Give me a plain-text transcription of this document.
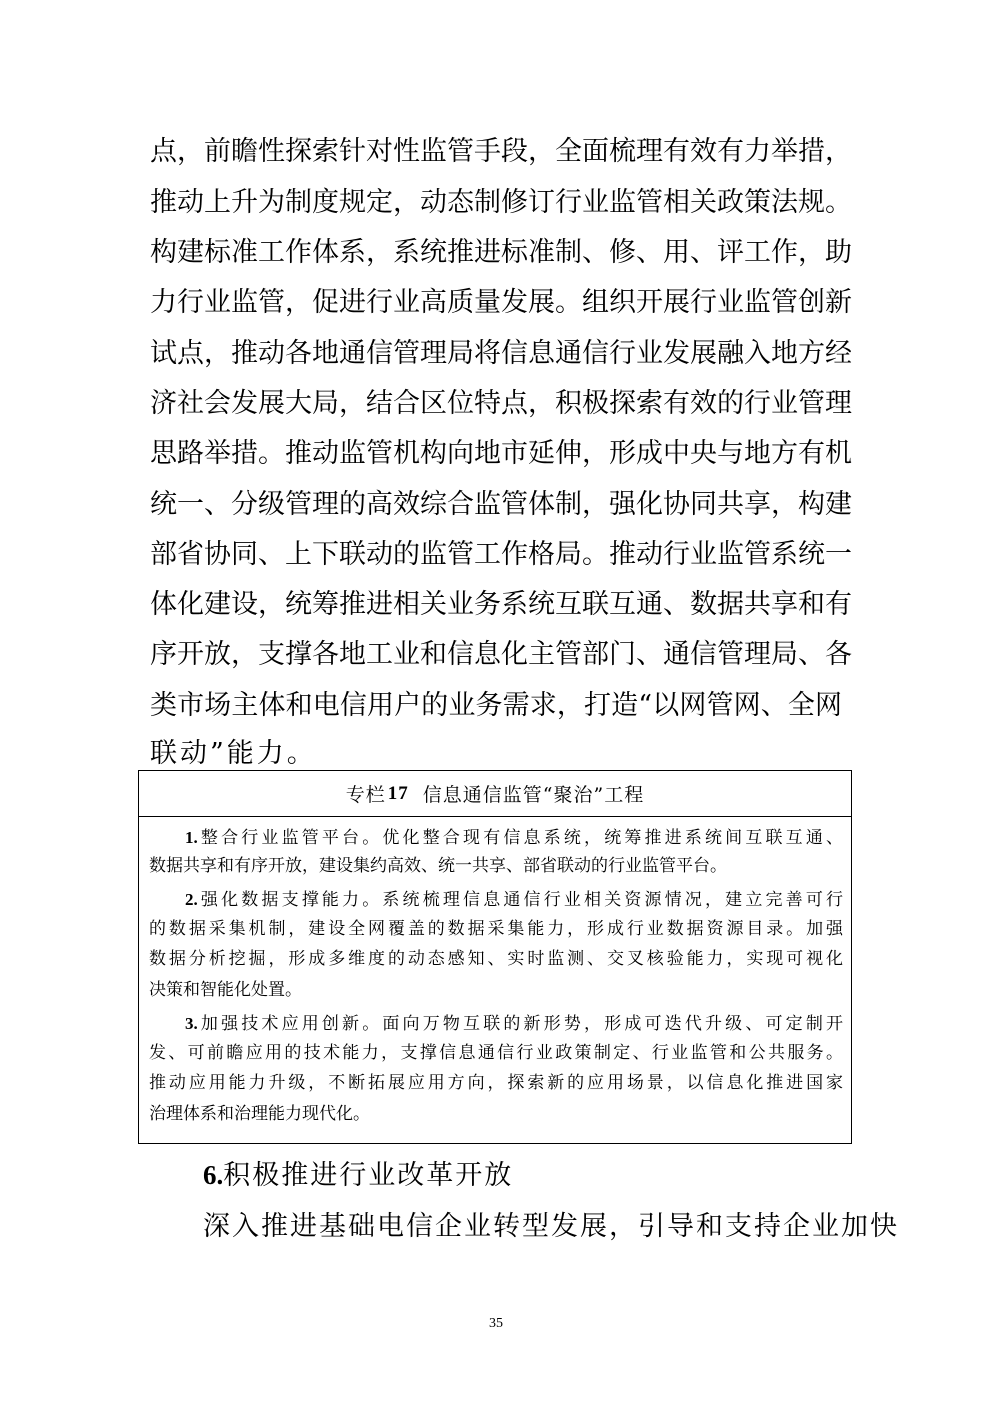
点，前瞻性探索针对性监管手段，全面梳理有效有力举措，
推动上升为制度规定，动态制修订行业监管相关政策法规。
构建标准工作体系，系统推进标准制、修、用、评工作，助
力行业监管，促进行业高质量发展。组织开展行业监管创新
试点，推动各地通信管理局将信息通信行业发展融入地方经
济社会发展大局，结合区位特点，积极探索有效的行业管理
思路举措。推动监管机构向地市延伸，形成中央与地方有机
统一、分级管理的高效综合监管体制，强化协同共享，构建
部省协同、上下联动的监管工作格局。推动行业监管系统一
体化建设，统筹推进相关业务系统互联互通、数据共享和有
序开放，支撑各地工业和信息化主管部门、通信管理局、各
类市场主体和电信用户的业务需求，打造“以网管网、全网
联动”能力。
专栏 17 信息通信监管“聚治”工程
1.整合行业监管平台。优化整合现有信息系统，统筹推进系统间互联互通、
数据共享和有序开放，建设集约高效、统一共享、部省联动的行业监管平台。
2.强化数据支撑能力。系统梳理信息通信行业相关资源情况，建立完善可行
的数据采集机制，建设全网覆盖的数据采集能力，形成行业数据资源目录。加强
数据分析挖掘，形成多维度的动态感知、实时监测、交叉核验能力，实现可视化
决策和智能化处置。
3.加强技术应用创新。面向万物互联的新形势，形成可迭代升级、可定制开
发、可前瞻应用的技术能力，支撑信息通信行业政策制定、行业监管和公共服务。
推动应用能力升级，不断拓展应用方向，探索新的应用场景，以信息化推进国家
治理体系和治理能力现代化。
6.积极推进行业改革开放
深入推进基础电信企业转型发展，引导和支持企业加快
35
